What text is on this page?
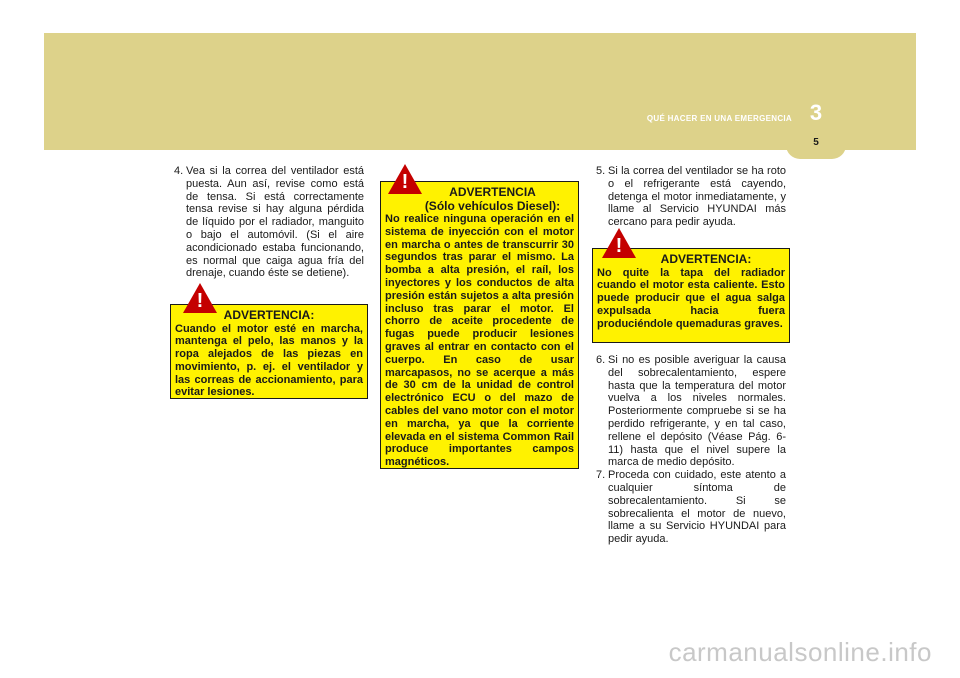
QUÉ HACER EN UNA EMERGENCIA 3
5
4. Vea si la correa del ventilador está puesta. Aun así, revise como está de tensa. Si está correctamente tensa revise si hay alguna pérdida de líquido por el radiador, manguito o bajo el automóvil. (Si el aire acondicionado estaba funcionando, es normal que caiga agua fría del drenaje, cuando éste se detiene).
ADVERTENCIA:
Cuando el motor esté en marcha, mantenga el pelo, las manos y la ropa alejados de las piezas en movimiento, p. ej. el ventilador y las correas de accionamiento, para evitar lesiones.
!
ADVERTENCIA
(Sólo vehículos Diesel):
No realice ninguna operación en el sistema de inyección con el motor en marcha o antes de transcurrir 30 segundos tras parar el mismo. La bomba a alta presión, el raíl, los inyectores y los conductos de alta presión están sujetos a alta presión incluso tras parar el motor. El chorro de aceite procedente de fugas puede producir lesiones graves al entrar en contacto con el cuerpo. En caso de usar marcapasos, no se acerque a más de 30 cm de la unidad de control electrónico ECU o del mazo de cables del vano motor con el motor en marcha, ya que la corriente elevada en el sistema Common Rail produce importantes campos magnéticos.
!	5. Si la correa del ventilador se ha roto o el refrigerante está cayendo, detenga el motor inmediatamente, y llame al Servicio HYUNDAI más cercano para pedir ayuda.
ADVERTENCIA:
No quite la tapa del radiador cuando el motor esta caliente. Esto puede producir que el agua salga expulsada hacia fuera produciéndole quemaduras graves.
!
6. Si no es posible averiguar la causa del sobrecalentamiento, espere hasta que la temperatura del motor vuelva a los niveles normales. Posteriormente compruebe si se ha perdido refrigerante, y en tal caso, rellene el depósito (Véase Pág. 6-11) hasta que el nivel supere la marca de medio depósito.
7. Proceda con cuidado, este atento a cualquier síntoma de sobrecalentamiento. Si se sobrecalienta el motor de nuevo, llame a su Servicio HYUNDAI para pedir ayuda.
carmanualsonline.info
